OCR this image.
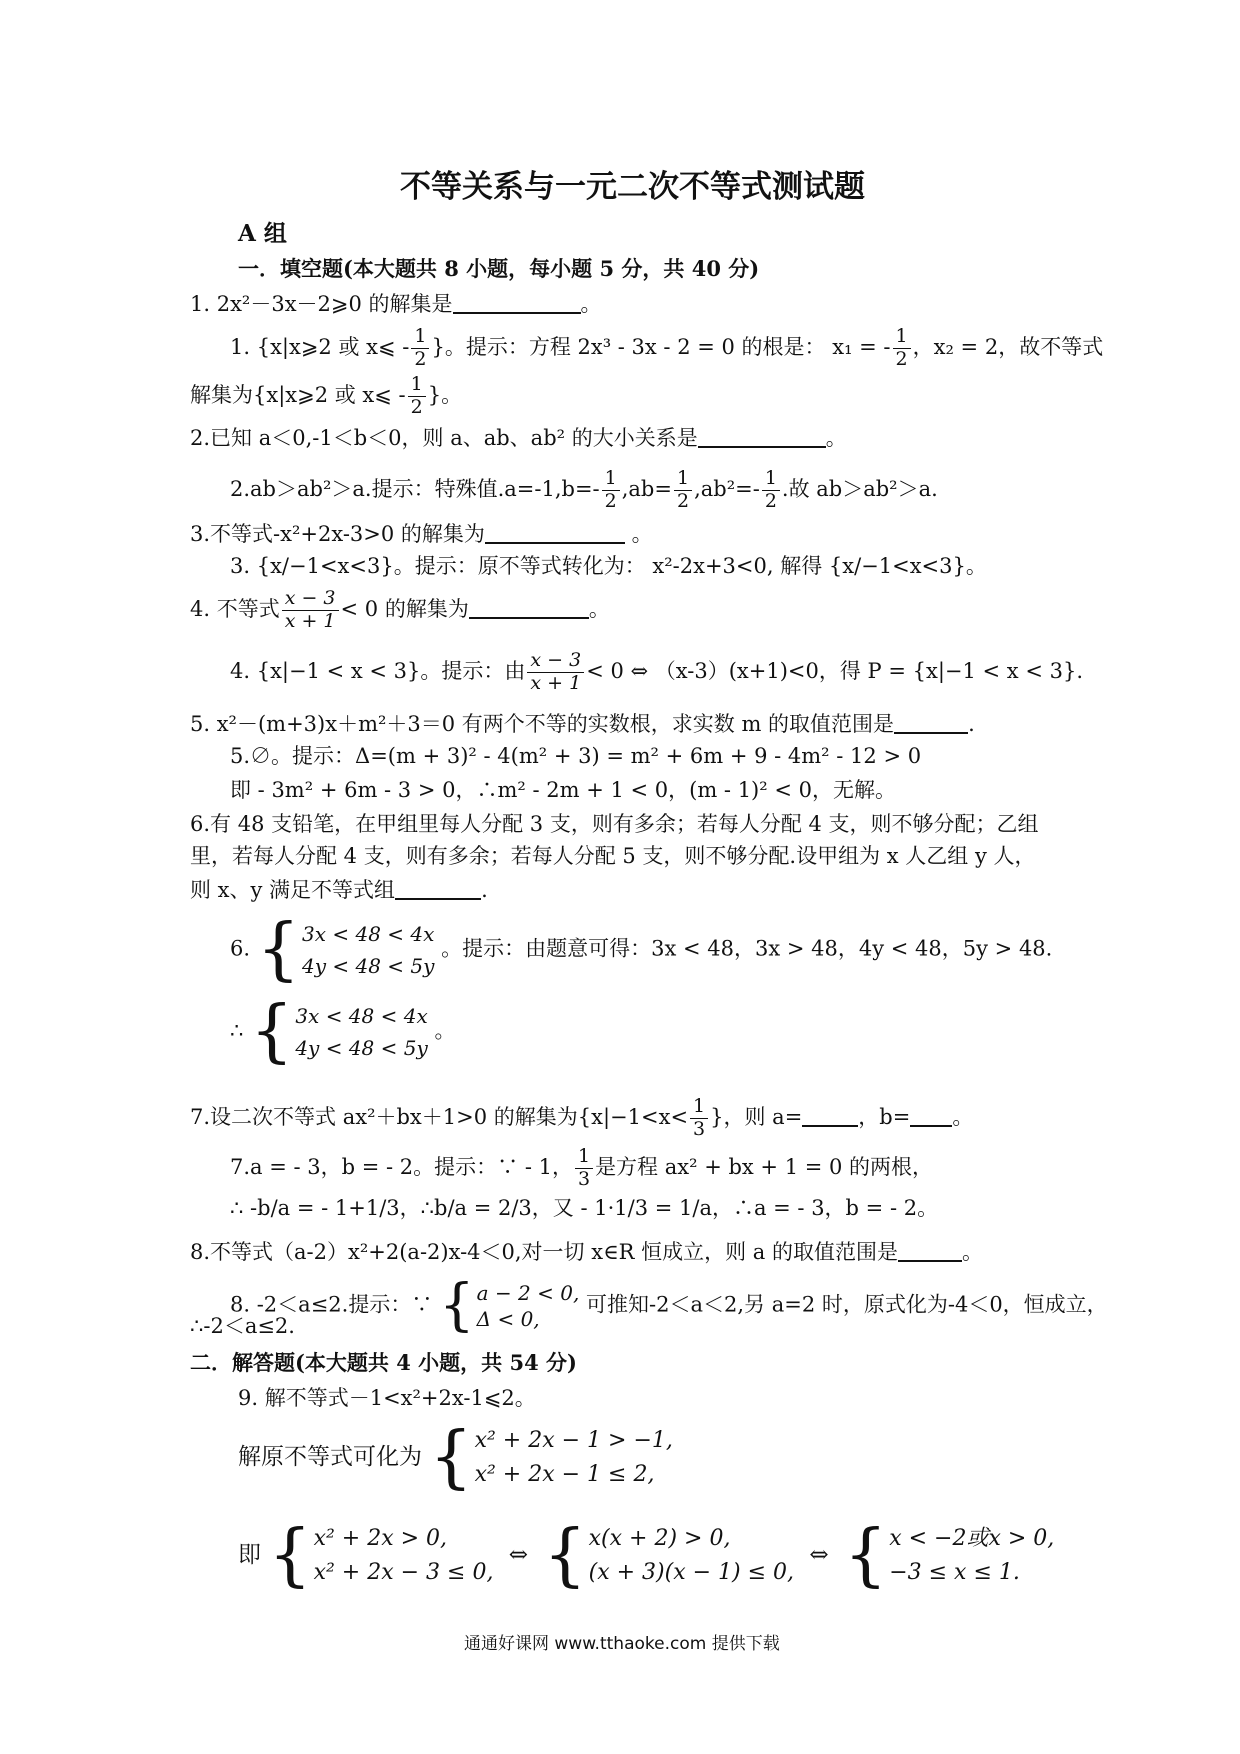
不等关系与一元二次不等式测试题
A 组
一．填空题(本大题共 8 小题，每小题 5 分，共 40 分)
1. 2x²－3x－2⩾0 的解集是	。
1. {x|x⩾2 或 x⩽ - $\frac{1}{2}$ }。提示：方程 2x³ - 3x - 2 = 0 的根是： x₁ = - $\frac{1}{2}$ ，x₂ = 2，故不等式
解集为{x|x⩾2 或 x⩽ - $\frac{1}{2}$ }。
2.已知 a＜0,-1＜b＜0，则 a、ab、ab² 的大小关系是	。
2.ab＞ab²＞a.提示：特殊值$.a=-1,b=- \frac{1}{2} ,ab= \frac{1}{2} ,ab^2=- \frac{1}{2}$ .故 ab＞ab²＞a.
3.不等式-x²+2x-3>0 的解集为	。
3. {x/−1<x<3}。提示：原不等式转化为： x²-2x+3<0, 解得 {x/−1<x<3}。
4. 不等式 $\frac{x - 3}{x + 1} < 0$ 的解集为	。
4. {x|−1 < x < 3}。提示：由 $\frac{x - 3}{x + 1} < 0$ ⇔ （x-3）(x+1)<0，得 P = {x|−1 < x < 3}.
5. x²－(m+3)x＋m²＋3＝0 有两个不等的实数根，求实数 m 的取值范围是	.
5.∅。提示：Δ=(m + 3)² - 4(m² + 3) = m² + 6m + 9 - 4m² - 12 > 0
即 - 3m² + 6m - 3 > 0，∴m² - 2m + 1 < 0，(m - 1)² < 0，无解。
6.有 48 支铅笔，在甲组里每人分配 3 支，则有多余；若每人分配 4 支，则不够分配；乙组
里，若每人分配 4 支，则有多余；若每人分配 5 支，则不够分配.设甲组为 x 人乙组 y 人，
则 x、y 满足不等式组	.
6. { 3x < 48 < 4x
4y < 48 < 5y
。提示：由题意可得：3x < 48，3x > 48，4y < 48，5y > 48.
∴ { 3x < 48 < 4x
4y < 48 < 5y
。
7.设二次不等式 ax²＋bx＋1>0 的解集为{$x|-1<x< \frac{1}{3}$ }，则 a=	，b= 。
7.a = - 3，b = - 2。提示：∵ - 1， $\frac{1}{3}$ 是方程 ax² + bx + 1 = 0 的两根，
∴ -b/a = - 1+1/3，∴b/a = 2/3，又 - 1·1/3 = 1/a，∴a = - 3，b = - 2。
8.不等式（a-2）x²+2(a-2)x-4＜0,对一切 x∈R 恒成立，则 a 的取值范围是	。
8. -2＜a≤2.提示：∵ { a − 2 < 0,
Δ < 0,
可推知-2＜a＜2,另 a=2 时，原式化为-4＜0，恒成立，
∴-2＜a≤2.
二．解答题(本大题共 4 小题，共 54 分)
9. 解不等式－1<x²+2x-1⩽2。
解原不等式可化为 { x² + 2x − 1 > −1,
x² + 2x − 1 ≤ 2,
即 { x² + 2x > 0,
x² + 2x − 3 ≤ 0,
⇔ { x(x + 2) > 0,
(x + 3)(x − 1) ≤ 0,
⇔ { x < −2或x > 0,
−3 ≤ x ≤ 1.
通通好课网 www.tthaoke.com 提供下载
